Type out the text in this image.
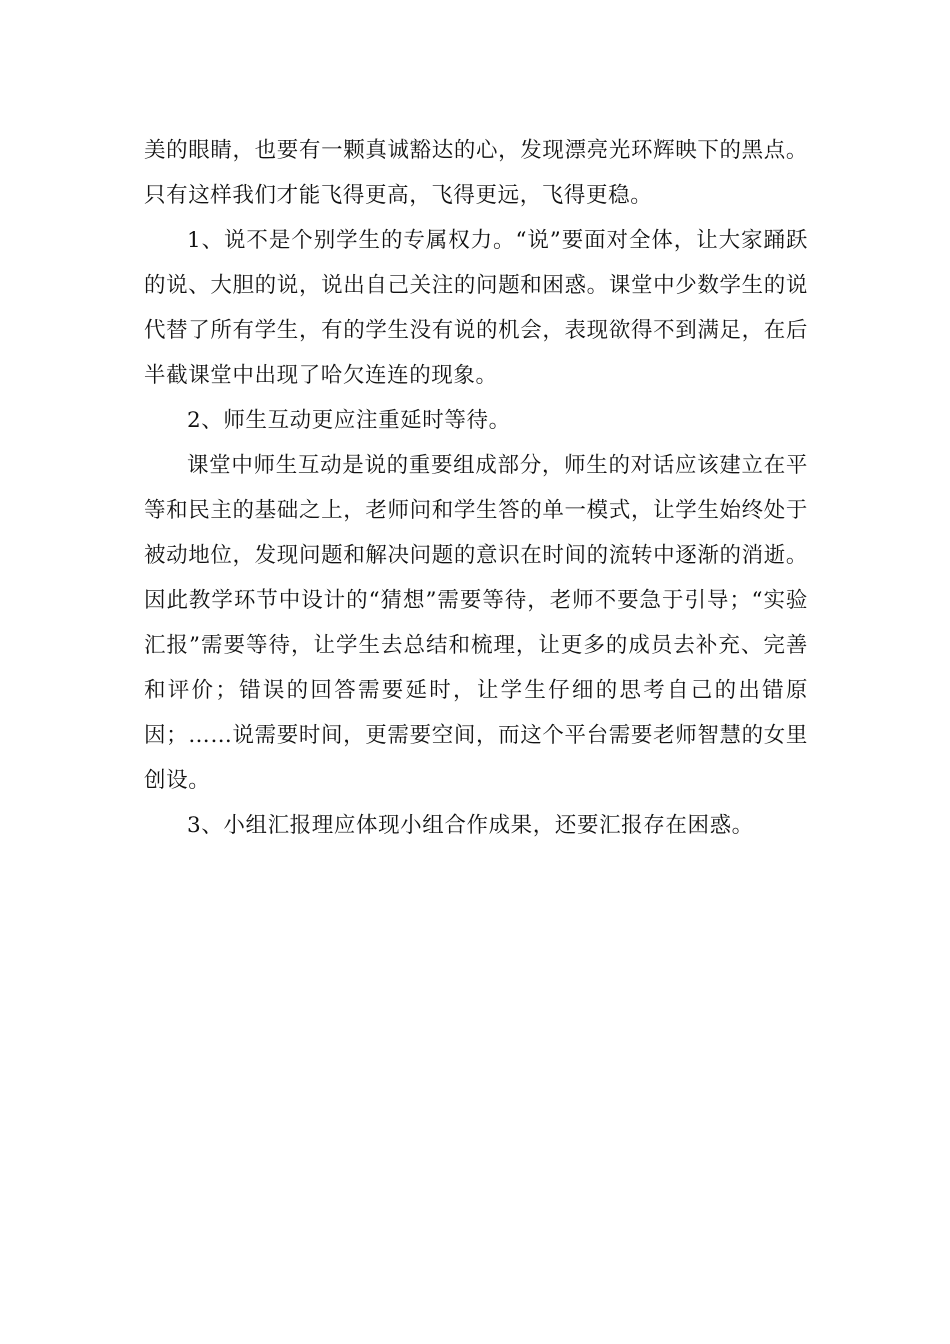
美的眼睛，也要有一颗真诚豁达的心，发现漂亮光环辉映下的黑点。只有这样我们才能飞得更高，飞得更远，飞得更稳。

1、说不是个别学生的专属权力。“说”要面对全体，让大家踊跃的说、大胆的说，说出自己关注的问题和困惑。课堂中少数学生的说代替了所有学生，有的学生没有说的机会，表现欲得不到满足，在后半截课堂中出现了哈欠连连的现象。

2、师生互动更应注重延时等待。

课堂中师生互动是说的重要组成部分，师生的对话应该建立在平等和民主的基础之上，老师问和学生答的单一模式，让学生始终处于被动地位，发现问题和解决问题的意识在时间的流转中逐渐的消逝。因此教学环节中设计的“猜想”需要等待，老师不要急于引导；“实验汇报”需要等待，让学生去总结和梳理，让更多的成员去补充、完善和评价；错误的回答需要延时，让学生仔细的思考自己的出错原因；……说需要时间，更需要空间，而这个平台需要老师智慧的女里创设。

3、小组汇报理应体现小组合作成果，还要汇报存在困惑。
